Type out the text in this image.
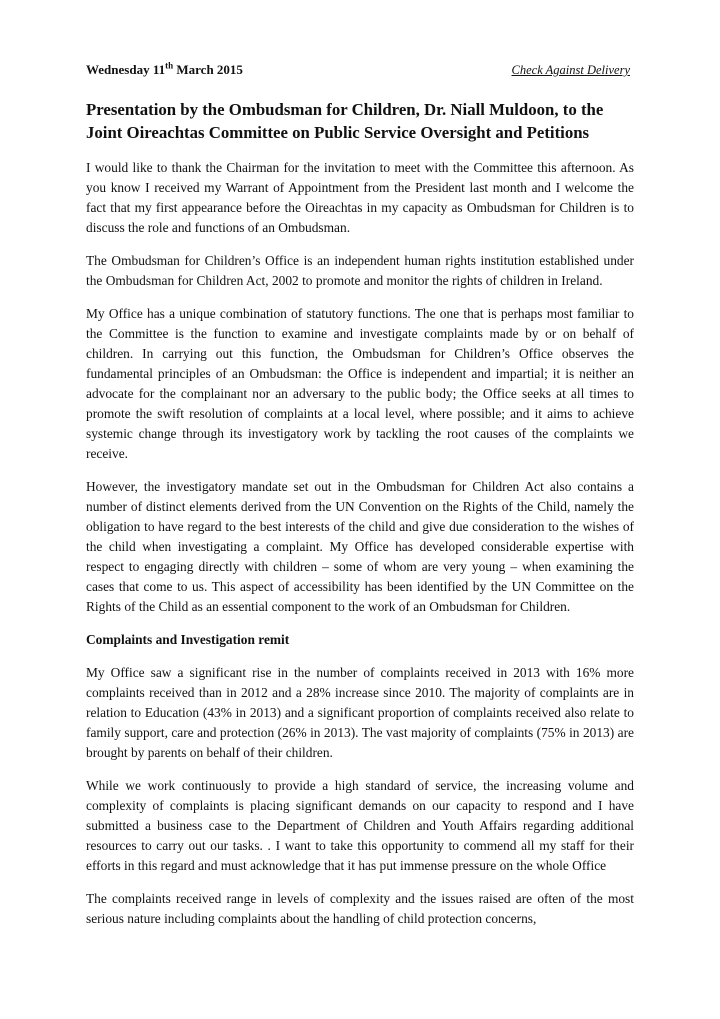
Wednesday 11th March 2015	Check Against Delivery
Presentation by the Ombudsman for Children, Dr. Niall Muldoon, to the Joint Oireachtas Committee on Public Service Oversight and Petitions

I would like to thank the Chairman for the invitation to meet with the Committee this afternoon. As you know I received my Warrant of Appointment from the President last month and I welcome the fact that my first appearance before the Oireachtas in my capacity as Ombudsman for Children is to discuss the role and functions of an Ombudsman.

The Ombudsman for Children’s Office is an independent human rights institution established under the Ombudsman for Children Act, 2002 to promote and monitor the rights of children in Ireland.

My Office has a unique combination of statutory functions. The one that is perhaps most familiar to the Committee is the function to examine and investigate complaints made by or on behalf of children. In carrying out this function, the Ombudsman for Children’s Office observes the fundamental principles of an Ombudsman: the Office is independent and impartial; it is neither an advocate for the complainant nor an adversary to the public body; the Office seeks at all times to promote the swift resolution of complaints at a local level, where possible; and it aims to achieve systemic change through its investigatory work by tackling the root causes of the complaints we receive.

However, the investigatory mandate set out in the Ombudsman for Children Act also contains a number of distinct elements derived from the UN Convention on the Rights of the Child, namely the obligation to have regard to the best interests of the child and give due consideration to the wishes of the child when investigating a complaint. My Office has developed considerable expertise with respect to engaging directly with children – some of whom are very young – when examining the cases that come to us. This aspect of accessibility has been identified by the UN Committee on the Rights of the Child as an essential component to the work of an Ombudsman for Children.

Complaints and Investigation remit

My Office saw a significant rise in the number of complaints received in 2013 with 16% more complaints received than in 2012 and a 28% increase since 2010. The majority of complaints are in relation to Education (43% in 2013) and a significant proportion of complaints received also relate to family support, care and protection (26% in 2013). The vast majority of complaints (75% in 2013) are brought by parents on behalf of their children.

While we work continuously to provide a high standard of service, the increasing volume and complexity of complaints is placing significant demands on our capacity to respond and I have submitted a business case to the Department of Children and Youth Affairs regarding additional resources to carry out our tasks. . I want to take this opportunity to commend all my staff for their efforts in this regard and must acknowledge that it has put immense pressure on the whole Office

The complaints received range in levels of complexity and the issues raised are often of the most serious nature including complaints about the handling of child protection concerns,
